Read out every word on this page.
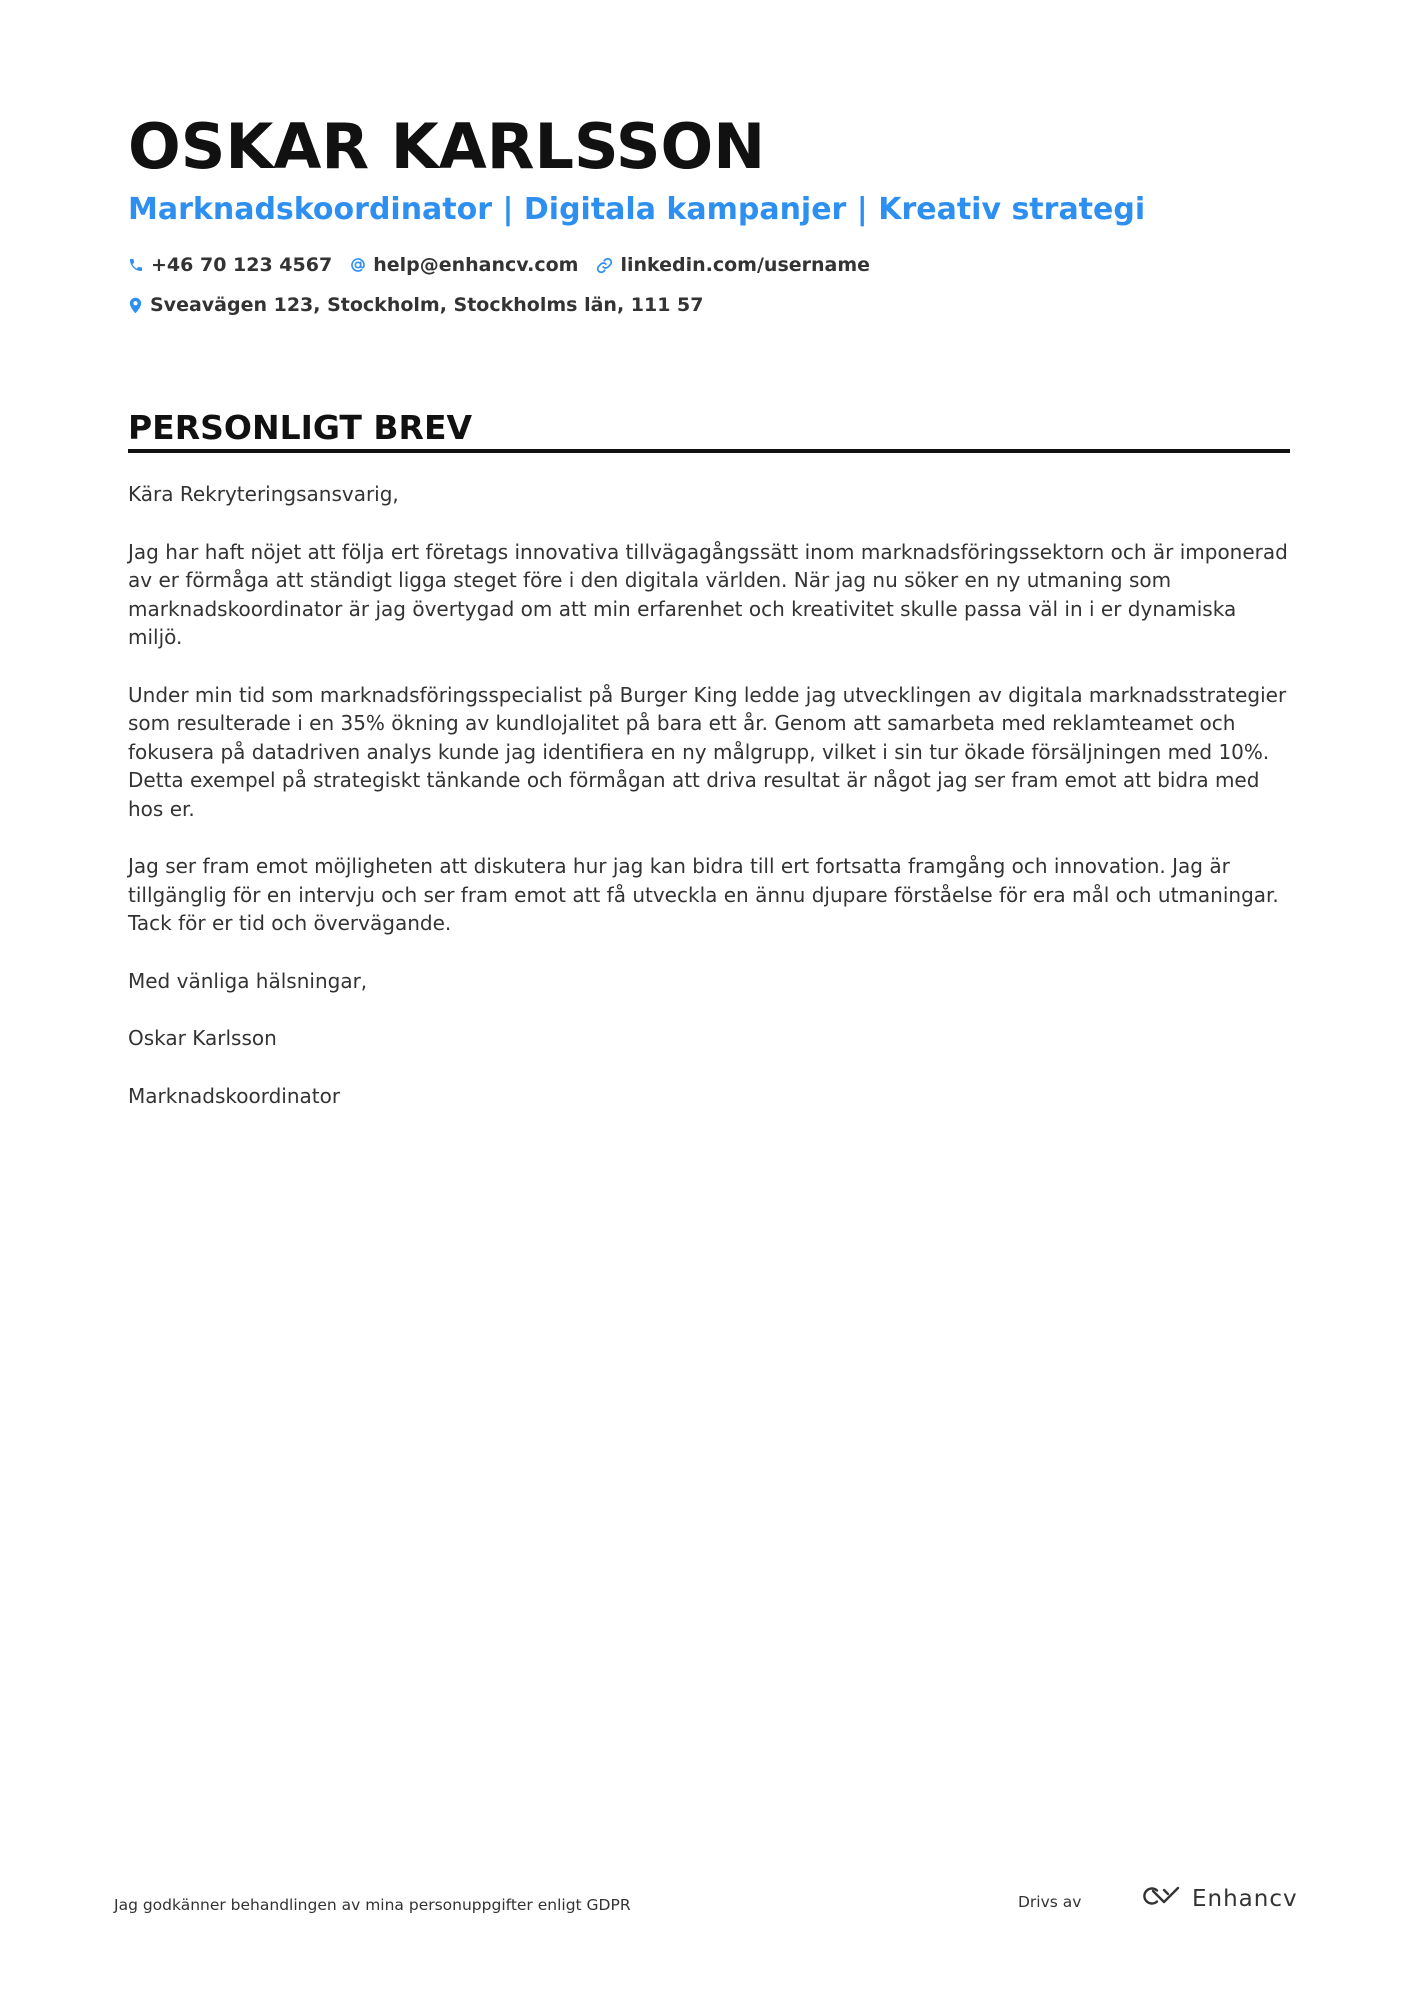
OSKAR KARLSSON
Marknadskoordinator | Digitala kampanjer | Kreativ strategi
+46 70 123 4567 help@enhancv.com linkedin.com/username
Sveavägen 123, Stockholm, Stockholms län, 111 57
PERSONLIGT BREV

Kära Rekryteringsansvarig,

Jag har haft nöjet att följa ert företags innovativa tillvägagångssätt inom marknadsföringssektorn och är imponerad av er förmåga att ständigt ligga steget före i den digitala världen. När jag nu söker en ny utmaning som marknadskoordinator är jag övertygad om att min erfarenhet och kreativitet skulle passa väl in i er dynamiska miljö.

Under min tid som marknadsföringsspecialist på Burger King ledde jag utvecklingen av digitala marknadsstrategier som resulterade i en 35% ökning av kundlojalitet på bara ett år. Genom att samarbeta med reklamteamet och fokusera på datadriven analys kunde jag identifiera en ny målgrupp, vilket i sin tur ökade försäljningen med 10%. Detta exempel på strategiskt tänkande och förmågan att driva resultat är något jag ser fram emot att bidra med hos er.

Jag ser fram emot möjligheten att diskutera hur jag kan bidra till ert fortsatta framgång och innovation. Jag är tillgänglig för en intervju och ser fram emot att få utveckla en ännu djupare förståelse för era mål och utmaningar. Tack för er tid och övervägande.

Med vänliga hälsningar,

Oskar Karlsson

Marknadskoordinator

Jag godkänner behandlingen av mina personuppgifter enligt GDPR	Drivs av	Enhancv
